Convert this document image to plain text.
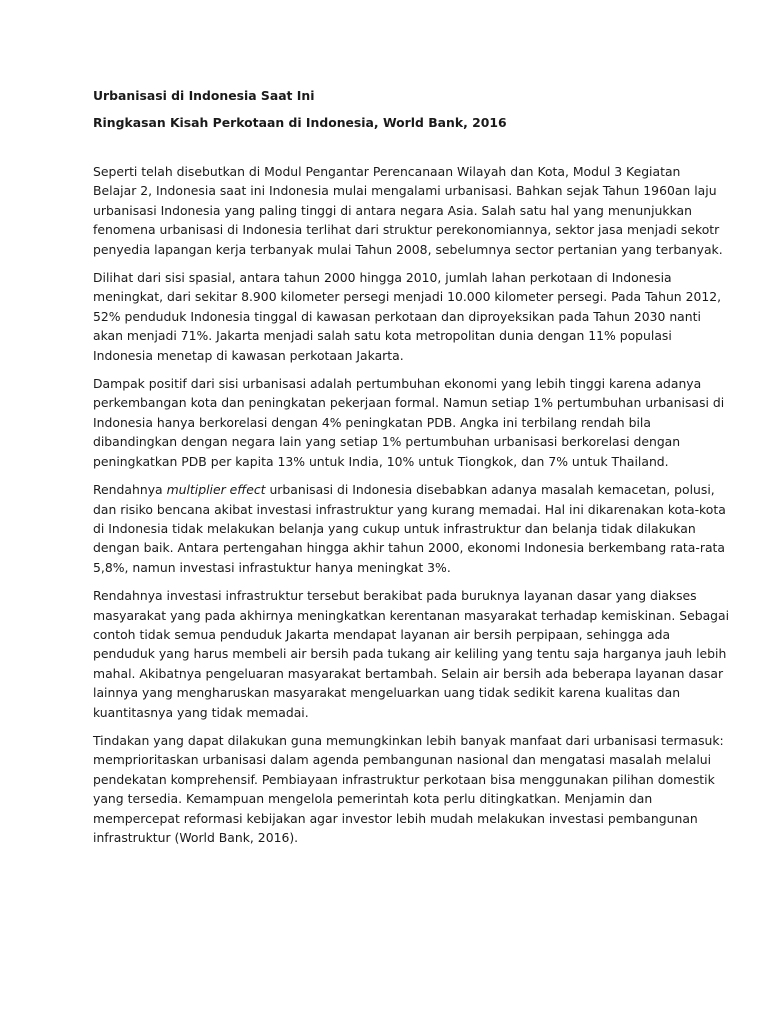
Urbanisasi di Indonesia Saat Ini
Ringkasan Kisah Perkotaan di Indonesia, World Bank, 2016

Seperti telah disebutkan di Modul Pengantar Perencanaan Wilayah dan Kota, Modul 3 Kegiatan
Belajar 2, Indonesia saat ini Indonesia mulai mengalami urbanisasi. Bahkan sejak Tahun 1960an laju
urbanisasi Indonesia yang paling tinggi di antara negara Asia. Salah satu hal yang menunjukkan
fenomena urbanisasi di Indonesia terlihat dari struktur perekonomiannya, sektor jasa menjadi sekotr
penyedia lapangan kerja terbanyak mulai Tahun 2008, sebelumnya sector pertanian yang terbanyak.

Dilihat dari sisi spasial, antara tahun 2000 hingga 2010, jumlah lahan perkotaan di Indonesia
meningkat, dari sekitar 8.900 kilometer persegi menjadi 10.000 kilometer persegi. Pada Tahun 2012,
52% penduduk Indonesia tinggal di kawasan perkotaan dan diproyeksikan pada Tahun 2030 nanti
akan menjadi 71%. Jakarta menjadi salah satu kota metropolitan dunia dengan 11% populasi
Indonesia menetap di kawasan perkotaan Jakarta.

Dampak positif dari sisi urbanisasi adalah pertumbuhan ekonomi yang lebih tinggi karena adanya
perkembangan kota dan peningkatan pekerjaan formal. Namun setiap 1% pertumbuhan urbanisasi di
Indonesia hanya berkorelasi dengan 4% peningkatan PDB. Angka ini terbilang rendah bila
dibandingkan dengan negara lain yang setiap 1% pertumbuhan urbanisasi berkorelasi dengan
peningkatkan PDB per kapita 13% untuk India, 10% untuk Tiongkok, dan 7% untuk Thailand.

Rendahnya multiplier effect urbanisasi di Indonesia disebabkan adanya masalah kemacetan, polusi,
dan risiko bencana akibat investasi infrastruktur yang kurang memadai. Hal ini dikarenakan kota-kota
di Indonesia tidak melakukan belanja yang cukup untuk infrastruktur dan belanja tidak dilakukan
dengan baik. Antara pertengahan hingga akhir tahun 2000, ekonomi Indonesia berkembang rata-rata
5,8%, namun investasi infrastuktur hanya meningkat 3%.

Rendahnya investasi infrastruktur tersebut berakibat pada buruknya layanan dasar yang diakses
masyarakat yang pada akhirnya meningkatkan kerentanan masyarakat terhadap kemiskinan. Sebagai
contoh tidak semua penduduk Jakarta mendapat layanan air bersih perpipaan, sehingga ada
penduduk yang harus membeli air bersih pada tukang air keliling yang tentu saja harganya jauh lebih
mahal. Akibatnya pengeluaran masyarakat bertambah. Selain air bersih ada beberapa layanan dasar
lainnya yang mengharuskan masyarakat mengeluarkan uang tidak sedikit karena kualitas dan
kuantitasnya yang tidak memadai.

Tindakan yang dapat dilakukan guna memungkinkan lebih banyak manfaat dari urbanisasi termasuk:
memprioritaskan urbanisasi dalam agenda pembangunan nasional dan mengatasi masalah melalui
pendekatan komprehensif. Pembiayaan infrastruktur perkotaan bisa menggunakan pilihan domestik
yang tersedia. Kemampuan mengelola pemerintah kota perlu ditingkatkan. Menjamin dan
mempercepat reformasi kebijakan agar investor lebih mudah melakukan investasi pembangunan
infrastruktur (World Bank, 2016).
